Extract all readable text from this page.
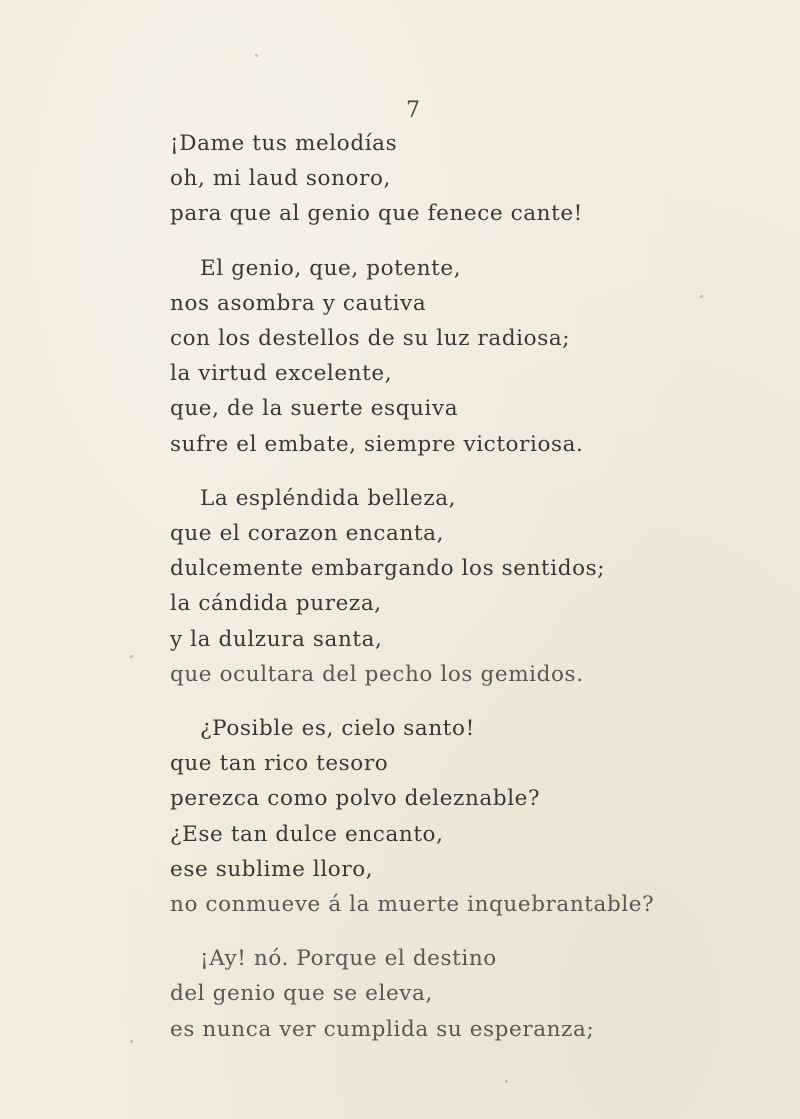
7
¡Dame tus melodías
oh, mi laud sonoro,
para que al genio que fenece cante!
El genio, que, potente,
nos asombra y cautiva
con los destellos de su luz radiosa;
la virtud excelente,
que, de la suerte esquiva
sufre el embate, siempre victoriosa.
La espléndida belleza,
que el corazon encanta,
dulcemente embargando los sentidos;
la cándida pureza,
y la dulzura santa,
que ocultara del pecho los gemidos.
¿Posible es, cielo santo!
que tan rico tesoro
perezca como polvo deleznable?
¿Ese tan dulce encanto,
ese sublime lloro,
no conmueve á la muerte inquebrantable?
¡Ay! nó. Porque el destino
del genio que se eleva,
es nunca ver cumplida su esperanza;
